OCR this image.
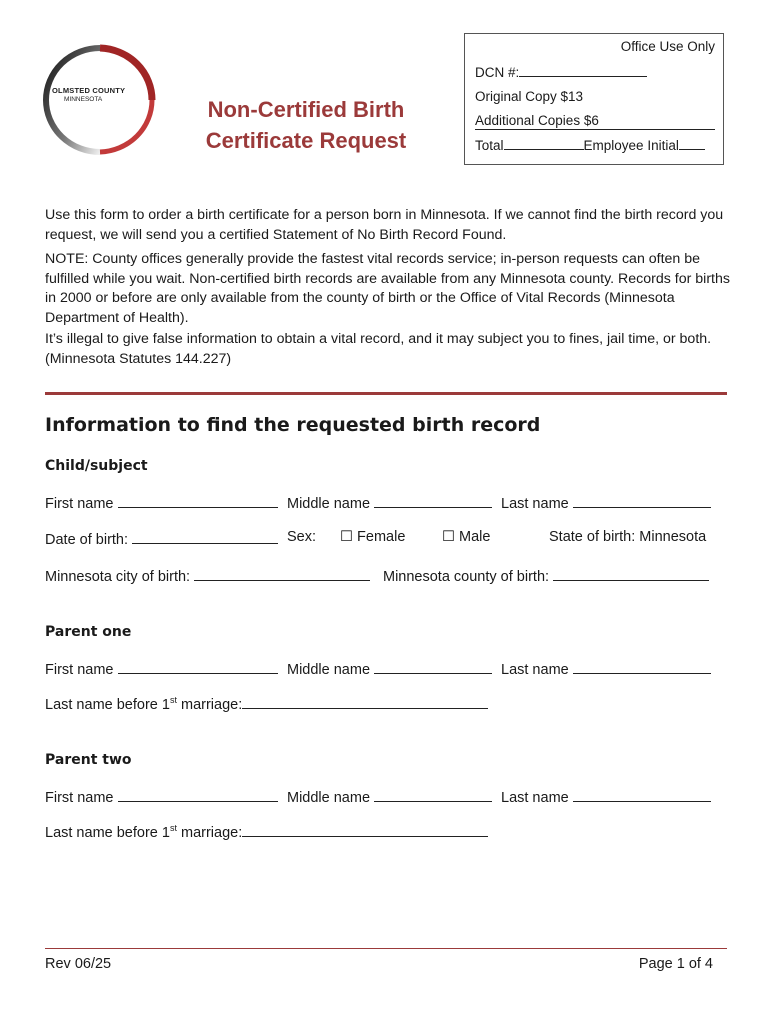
OLMSTED COUNTY
MINNESOTA	Non-Certified Birth
Certificate Request
Office Use Only
DCN #:
Original Copy $13
Additional Copies $6
Total	Employee Initial
Use this form to order a birth certificate for a person born in Minnesota. If we cannot find the birth record you request, we will send you a certified Statement of No Birth Record Found.
NOTE: County offices generally provide the fastest vital records service; in-person requests can often be fulfilled while you wait. Non-certified birth records are available from any Minnesota county. Records for births in 2000 or before are only available from the county of birth or the Office of Vital Records (Minnesota Department of Health).
It’s illegal to give false information to obtain a vital record, and it may subject you to fines, jail time, or both. (Minnesota Statutes 144.227)
Information to find the requested birth record
Child/subject
First name	Middle name	Last name
Date of birth:	Sex: ☐ Female	☐ Male	State of birth: Minnesota
Minnesota city of birth:	Minnesota county of birth:
Parent one
First name	Middle name	Last name
Last name before 1st marriage:
Parent two
First name	Middle name	Last name
Last name before 1st marriage:
Rev 06/25	Page 1 of 4
